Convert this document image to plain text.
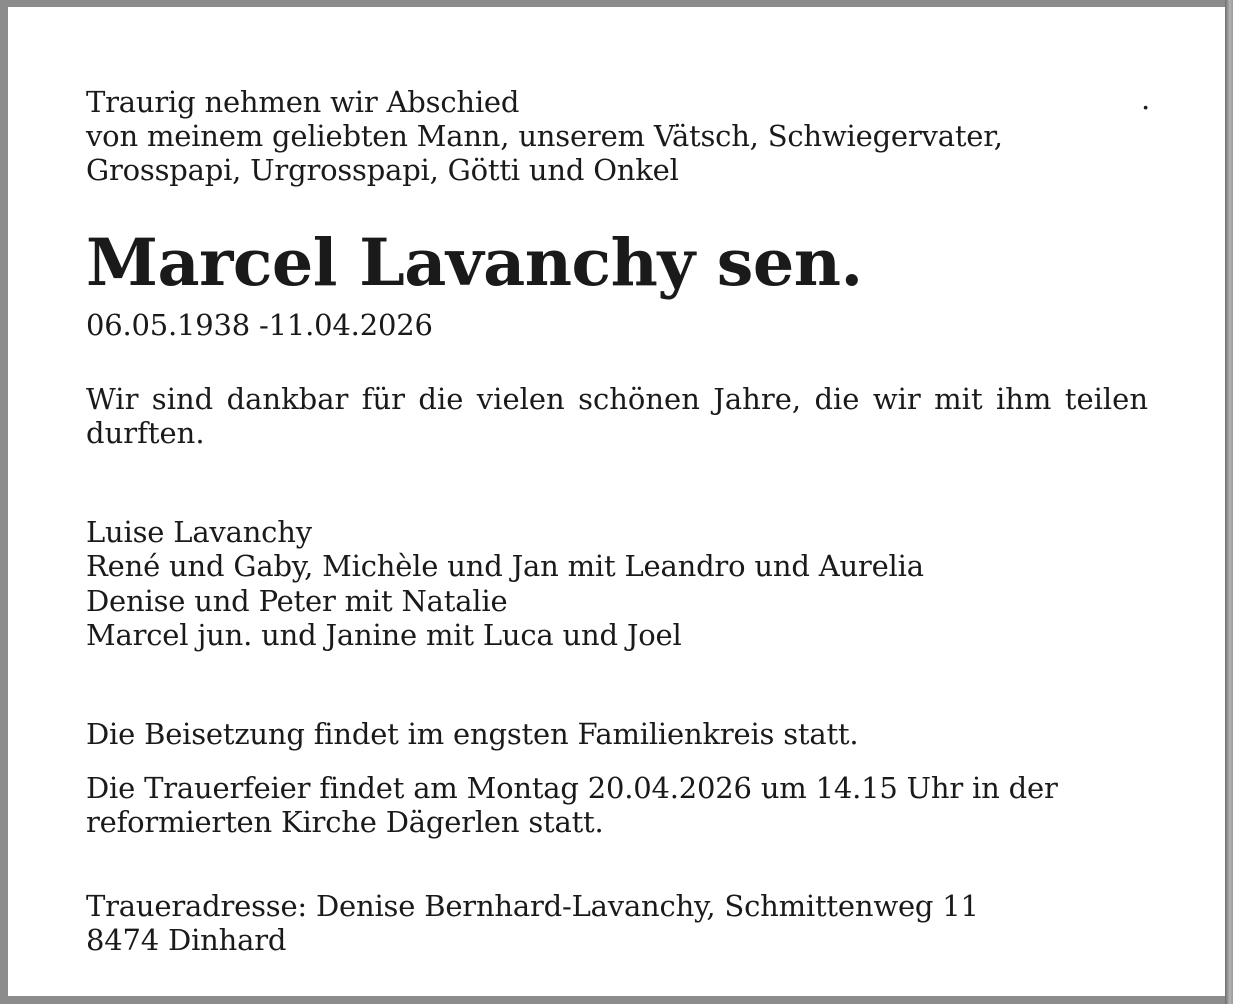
Traurig nehmen wir Abschied	.
von meinem geliebten Mann, unserem Vätsch, Schwiegervater,
Grosspapi, Urgrosspapi, Götti und Onkel
Marcel Lavanchy sen.
06.05.1938 -11.04.2026
Wir sind dankbar für die vielen schönen Jahre, die wir mit ihm teilen
durften.
Luise Lavanchy
René und Gaby, Michèle und Jan mit Leandro und Aurelia
Denise und Peter mit Natalie
Marcel jun. und Janine mit Luca und Joel
Die Beisetzung findet im engsten Familienkreis statt.
Die Trauerfeier findet am Montag 20.04.2026 um 14.15 Uhr in der
reformierten Kirche Dägerlen statt.
Traueradresse: Denise Bernhard-Lavanchy, Schmittenweg 11
8474 Dinhard
